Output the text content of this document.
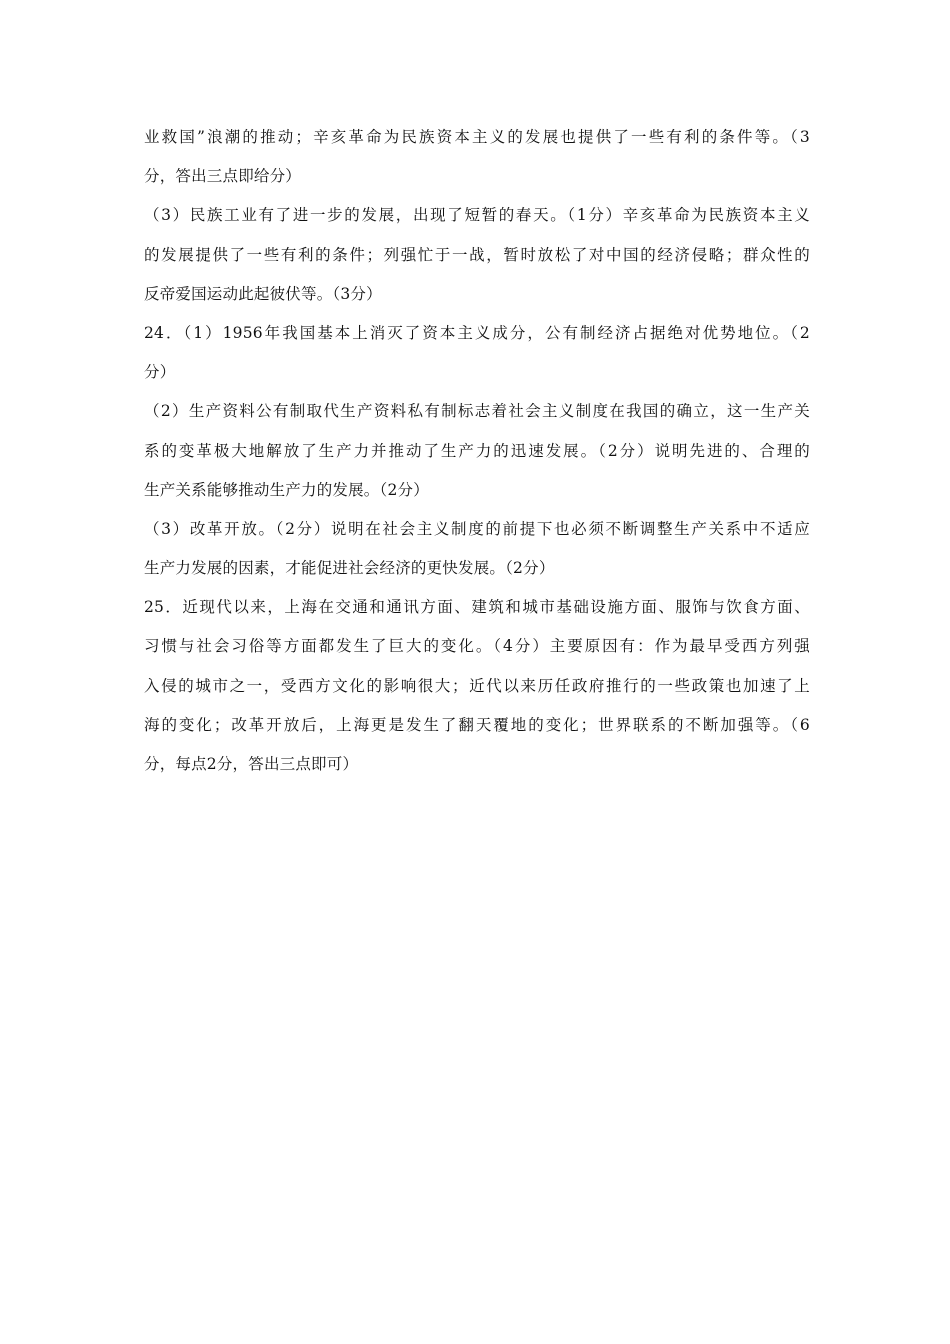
业救国”浪潮的推动；辛亥革命为民族资本主义的发展也提供了一些有利的条件等。（3
分，答出三点即给分）
（3）民族工业有了进一步的发展，出现了短暂的春天。（1分）辛亥革命为民族资本主义
的发展提供了一些有利的条件；列强忙于一战，暂时放松了对中国的经济侵略；群众性的
反帝爱国运动此起彼伏等。（3分）
24．（1）1956年我国基本上消灭了资本主义成分，公有制经济占据绝对优势地位。（2
分）
（2）生产资料公有制取代生产资料私有制标志着社会主义制度在我国的确立，这一生产关
系的变革极大地解放了生产力并推动了生产力的迅速发展。（2分）说明先进的、合理的
生产关系能够推动生产力的发展。（2分）
（3）改革开放。（2分）说明在社会主义制度的前提下也必须不断调整生产关系中不适应
生产力发展的因素，才能促进社会经济的更快发展。（2分）
25．近现代以来，上海在交通和通讯方面、建筑和城市基础设施方面、服饰与饮食方面、
习惯与社会习俗等方面都发生了巨大的变化。（4分）主要原因有：作为最早受西方列强
入侵的城市之一，受西方文化的影响很大；近代以来历任政府推行的一些政策也加速了上
海的变化；改革开放后，上海更是发生了翻天覆地的变化；世界联系的不断加强等。（6
分，每点2分，答出三点即可）
